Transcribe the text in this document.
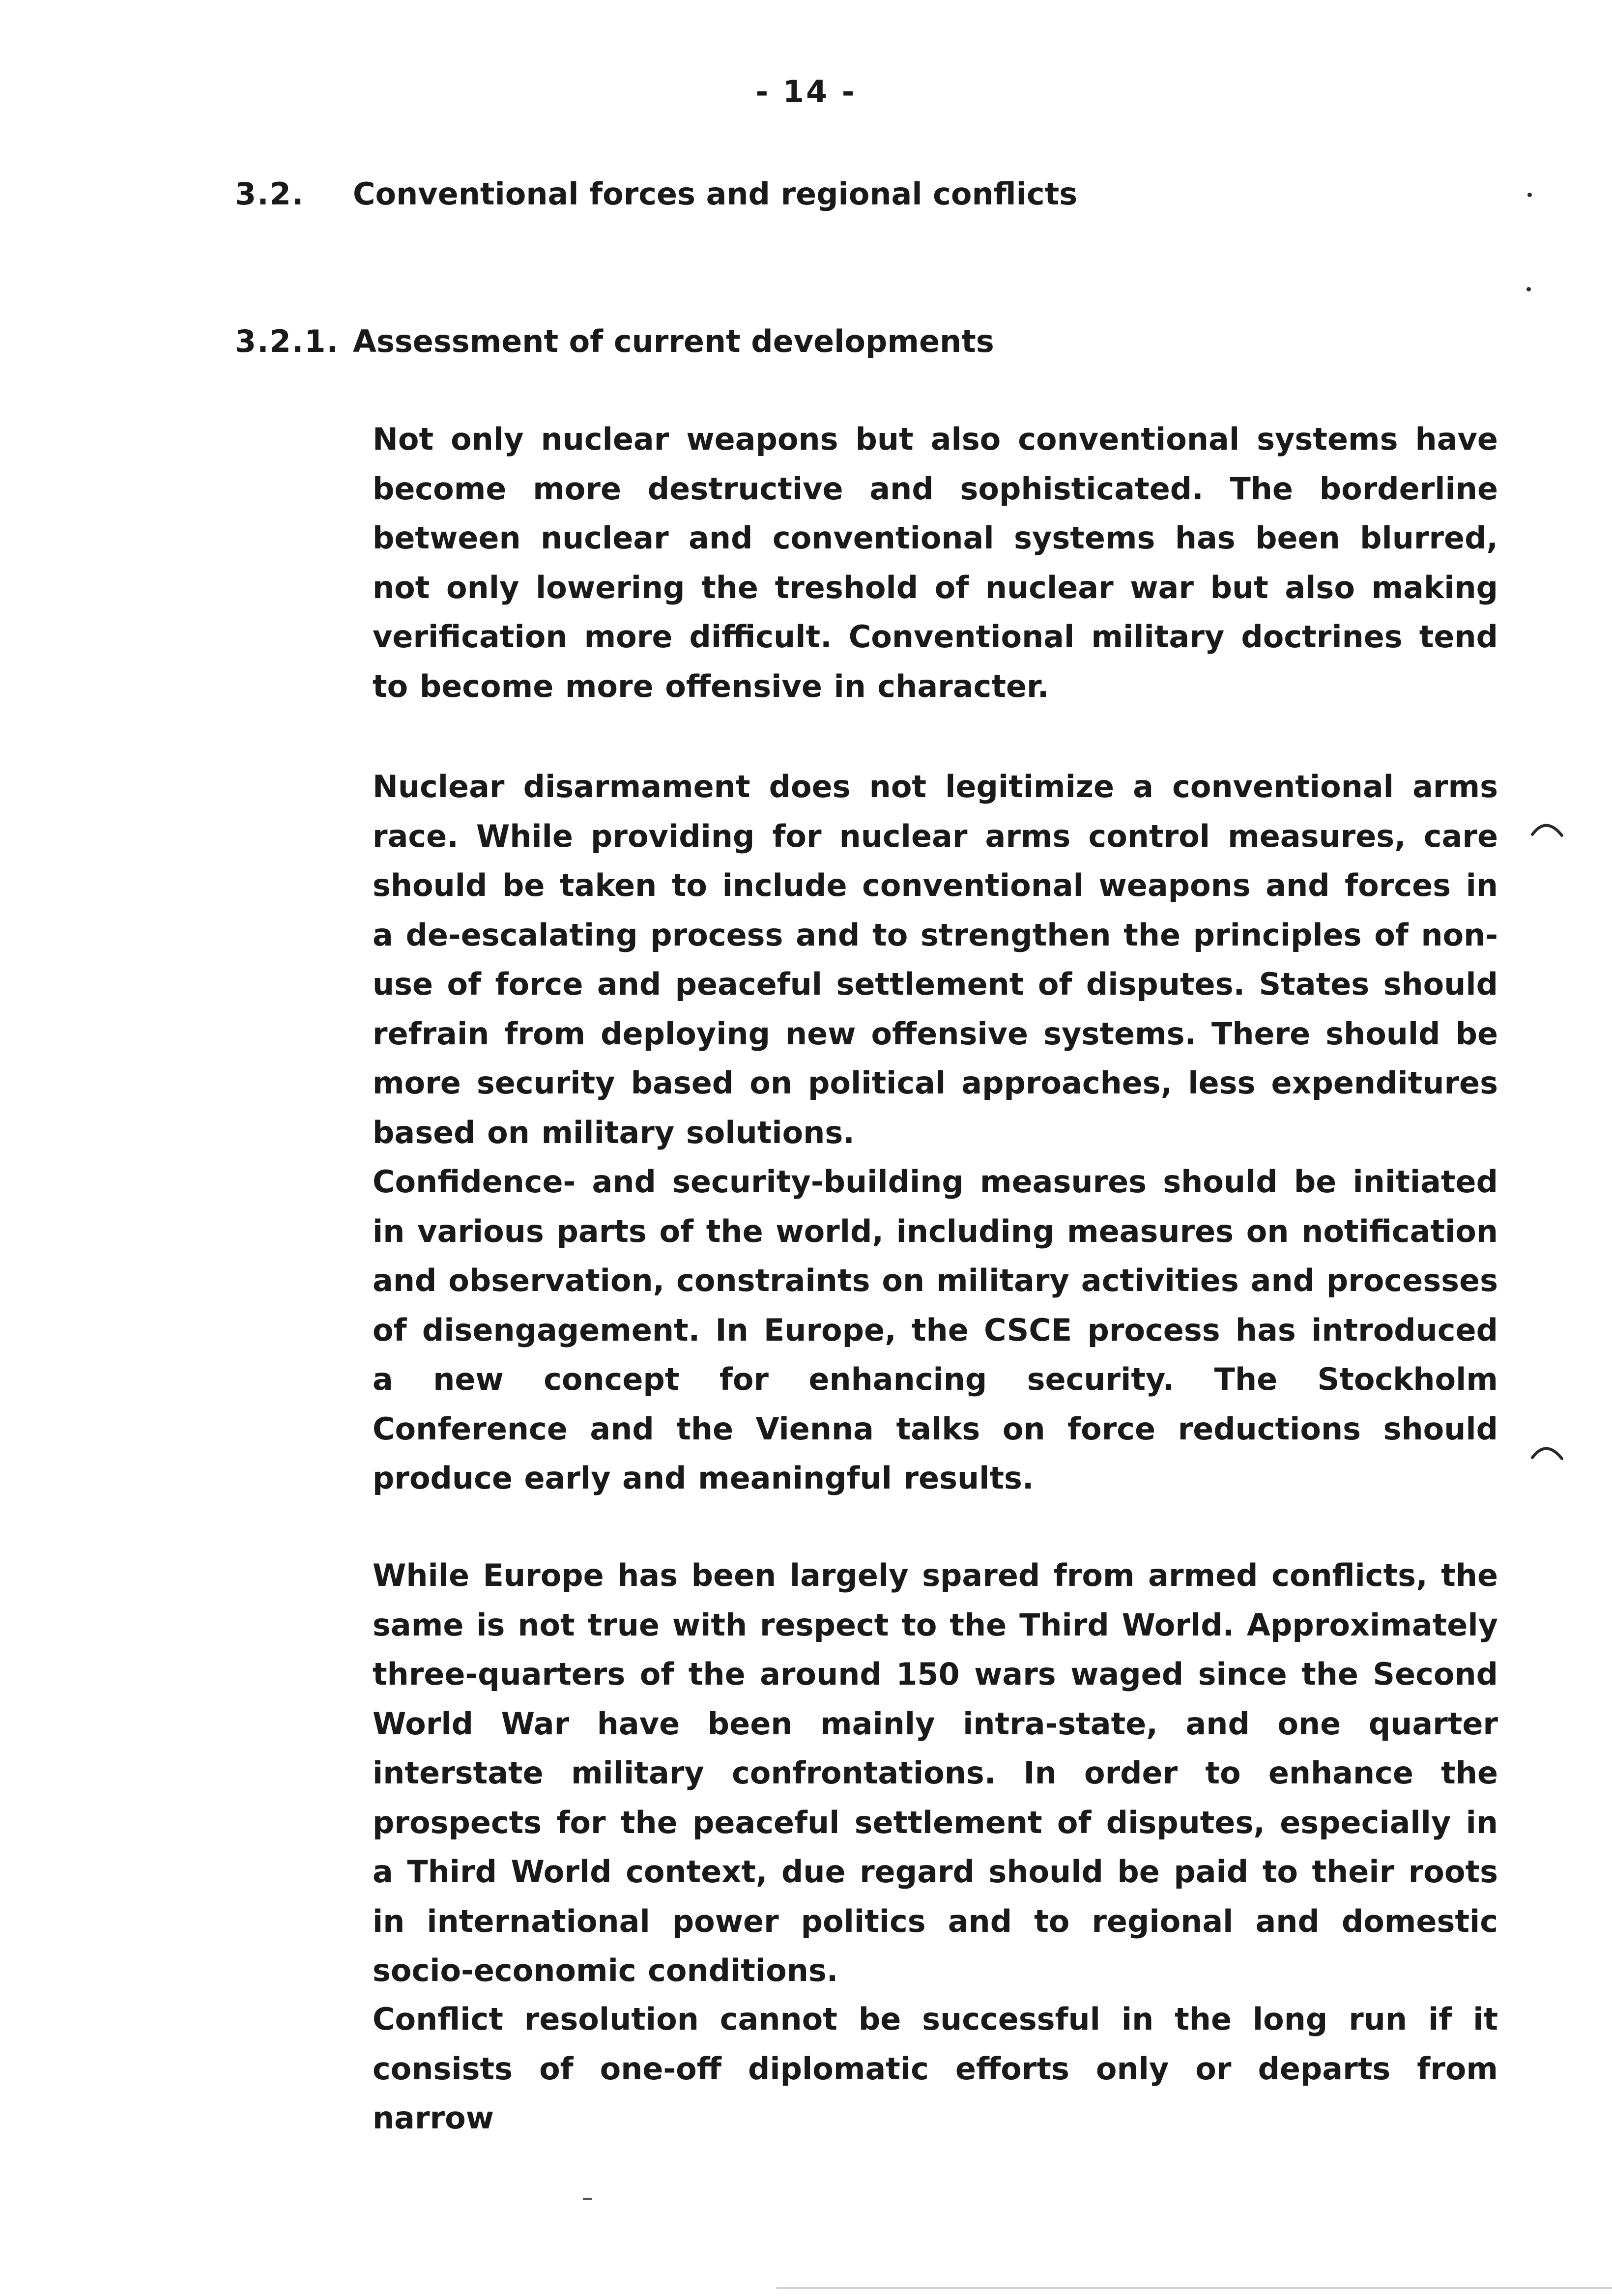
- 14 -
3.2. Conventional forces and regional conflicts
3.2.1. Assessment of current developments

Not only nuclear weapons but also conventional systems have become more destructive and sophisticated. The borderline between nuclear and conventional systems has been blurred, not only lowering the treshold of nuclear war but also making verification more difficult. Conventional military doctrines tend to become more offensive in character.

Nuclear disarmament does not legitimize a conventional arms race. While providing for nuclear arms control measures, care should be taken to include conventional weapons and forces in a de-escalating process and to strengthen the principles of non-use of force and peaceful settlement of disputes. States should refrain from deploying new offensive systems. There should be more security based on political approaches, less expenditures based on military solutions.

Confidence- and security-building measures should be initiated in various parts of the world, including measures on notification and observation, constraints on military activities and processes of disengagement. In Europe, the CSCE process has introduced a new concept for enhancing security. The Stockholm Conference and the Vienna talks on force reductions should produce early and meaningful results.

While Europe has been largely spared from armed conflicts, the same is not true with respect to the Third World. Approximately three-quarters of the around 150 wars waged since the Second World War have been mainly intra-state, and one quarter interstate military confrontations. In order to enhance the prospects for the peaceful settlement of disputes, especially in a Third World context, due regard should be paid to their roots in international power politics and to regional and domestic socio-economic conditions.

Conflict resolution cannot be successful in the long run if it consists of one-off diplomatic efforts only or departs from narrow
